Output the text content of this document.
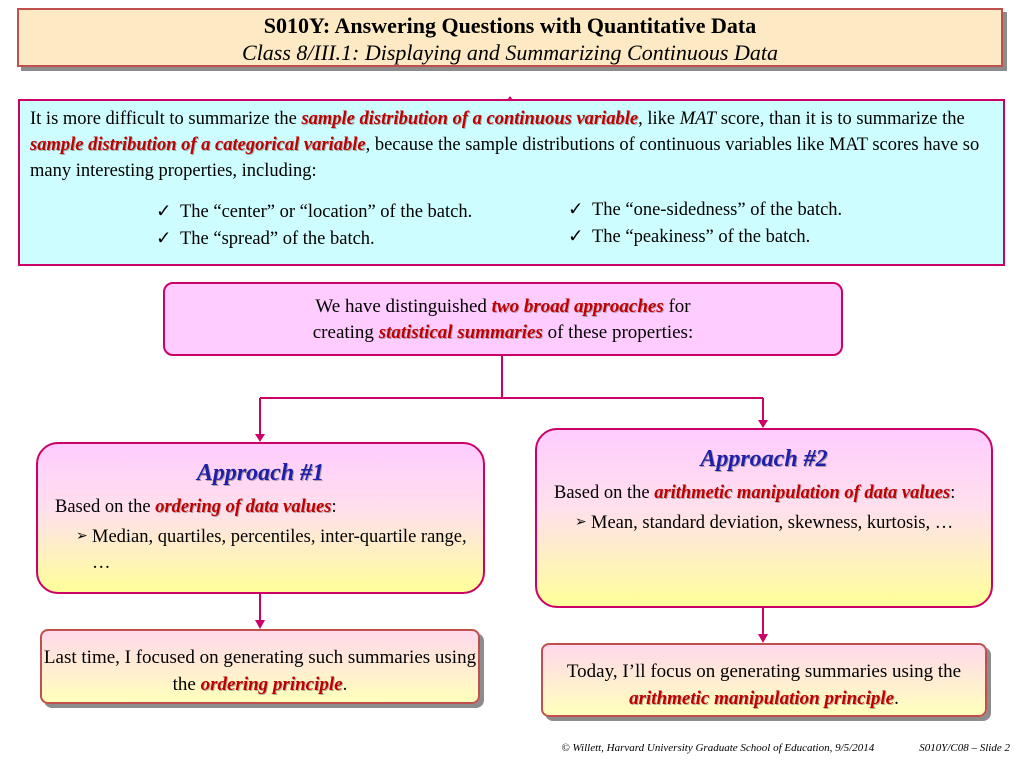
S010Y: Answering Questions with Quantitative Data
Class 8/III.1: Displaying and Summarizing Continuous Data

It is more difficult to summarize the sample distribution of a continuous variable, like MAT score, than it is to summarize the sample distribution of a categorical variable, because the sample distributions of continuous variables like MAT scores have so many interesting properties, including:

✓ The “center” or “location” of the batch.
✓ The “spread” of the batch.
✓ The “one-sidedness” of the batch.
✓ The “peakiness” of the batch.
We have distinguished two broad approaches for
creating statistical summaries of these properties:
Approach #1
Based on the ordering of data values:
➢ Median, quartiles, percentiles, inter-quartile range, …
Approach #2
Based on the arithmetic manipulation of data values:
➢ Mean, standard deviation, skewness, kurtosis, …
Last time, I focused on generating such summaries using the ordering principle.
Today, I’ll focus on generating summaries using the arithmetic manipulation principle.
© Willett, Harvard University Graduate School of Education, 9/5/2014	S010Y/C08 – Slide 2
